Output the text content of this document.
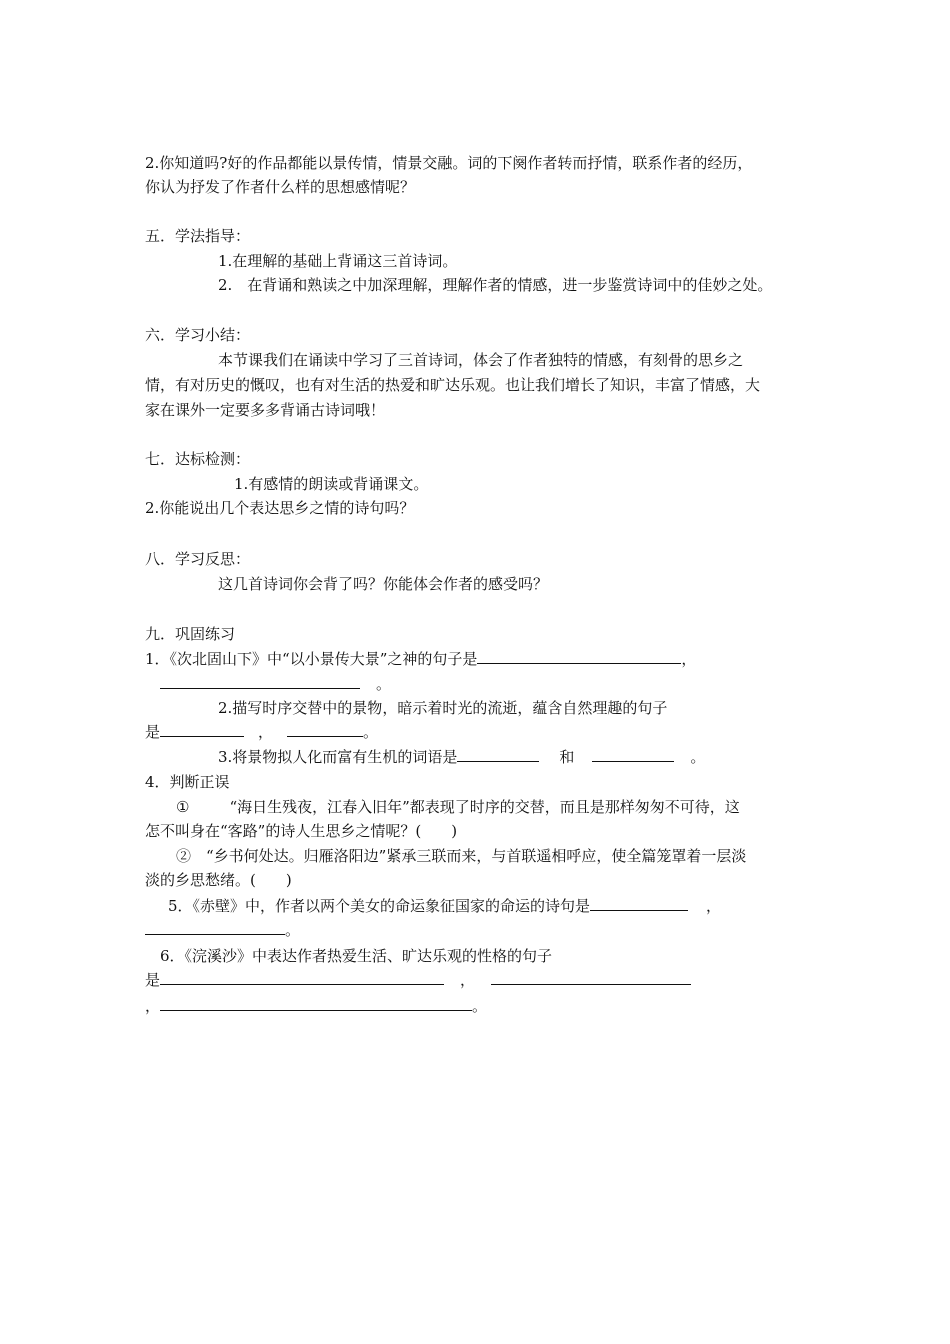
2.你知道吗?好的作品都能以景传情，情景交融。词的下阕作者转而抒情，联系作者的经历，
你认为抒发了作者什么样的思想感情呢？
五．学法指导：
1.在理解的基础上背诵这三首诗词。
2.　在背诵和熟读之中加深理解，理解作者的情感，进一步鉴赏诗词中的佳妙之处。
六．学习小结：
本节课我们在诵读中学习了三首诗词，体会了作者独特的情感，有刻骨的思乡之
情，有对历史的慨叹，也有对生活的热爱和旷达乐观。也让我们增长了知识，丰富了情感，大
家在课外一定要多多背诵古诗词哦！
七．达标检测：
1.有感情的朗读或背诵课文。
2.你能说出几个表达思乡之情的诗句吗？
八．学习反思：
这几首诗词你会背了吗？你能体会作者的感受吗？
九．巩固练习
1．《次北固山下》中“以小景传大景”之神的句子是	，
。
2.描写时序交替中的景物，暗示着时光的流逝，蕴含自然理趣的句子
是	，	。
3.将景物拟人化而富有生机的词语是	和	。
4．判断正误
①	“海日生残夜，江春入旧年”都表现了时序的交替，而且是那样匆匆不可待，这
怎不叫身在“客路”的诗人生思乡之情呢？(　　)
②　“乡书何处达。归雁洛阳边”紧承三联而来，与首联遥相呼应，使全篇笼罩着一层淡
淡的乡思愁绪。(　　)
5．《赤壁》中，作者以两个美女的命运象征国家的命运的诗句是	，
。
6．《浣溪沙》中表达作者热爱生活、旷达乐观的性格的句子
是	，
，	。
